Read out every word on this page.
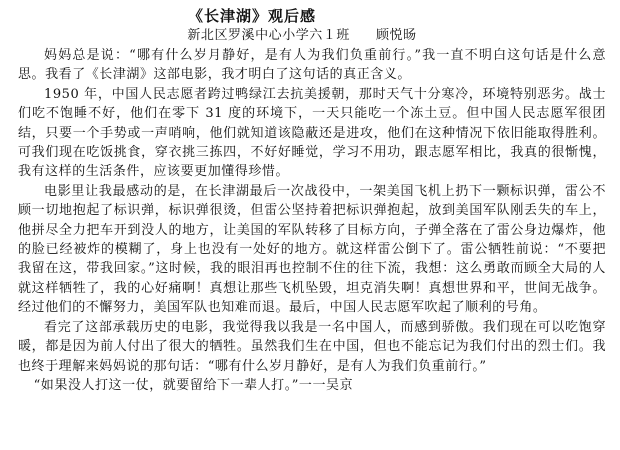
《长津湖》观后感
新北区罗溪中心小学六１班 顾悦旸

妈妈总是说：“哪有什么岁月静好，是有人为我们负重前行。”我一直不明白这句话是什么意思。我看了《长津湖》这部电影，我才明白了这句话的真正含义。

1950 年，中国人民志愿者跨过鸭绿江去抗美援朝，那时天气十分寒冷，环境特别恶劣。战士们吃不饱睡不好，他们在零下 31 度的环境下，一天只能吃一个冻土豆。但中国人民志愿军很团结，只要一个手势或一声哨响，他们就知道该隐蔽还是进攻，他们在这种情况下依旧能取得胜利。可我们现在吃饭挑食，穿衣挑三拣四，不好好睡觉，学习不用功，跟志愿军相比，我真的很惭愧，我有这样的生活条件，应该要更加懂得珍惜。

电影里让我最感动的是，在长津湖最后一次战役中，一架美国飞机上扔下一颗标识弹，雷公不顾一切地抱起了标识弹，标识弹很烫，但雷公坚持着把标识弹抱起，放到美国军队刚丢失的车上，他拼尽全力把车开到没人的地方，让美国的军队转移了目标方向，子弹全落在了雷公身边爆炸，他的脸已经被炸的模糊了，身上也没有一处好的地方。就这样雷公倒下了。雷公牺牲前说：“不要把我留在这，带我回家。”这时候，我的眼泪再也控制不住的往下流，我想：这么勇敢而顾全大局的人就这样牺牲了，我的心好痛啊！真想让那些飞机坠毁，坦克消失啊！真想世界和平，世间无战争。经过他们的不懈努力，美国军队也知难而退。最后，中国人民志愿军吹起了顺利的号角。

看完了这部承载历史的电影，我觉得我以我是一名中国人，而感到骄傲。我们现在可以吃饱穿暖，都是因为前人付出了很大的牺牲。虽然我们生在中国，但也不能忘记为我们付出的烈士们。我也终于理解来妈妈说的那句话：“哪有什么岁月静好，是有人为我们负重前行。”

“如果没人打这一仗，就要留给下一辈人打。”一一吴京
